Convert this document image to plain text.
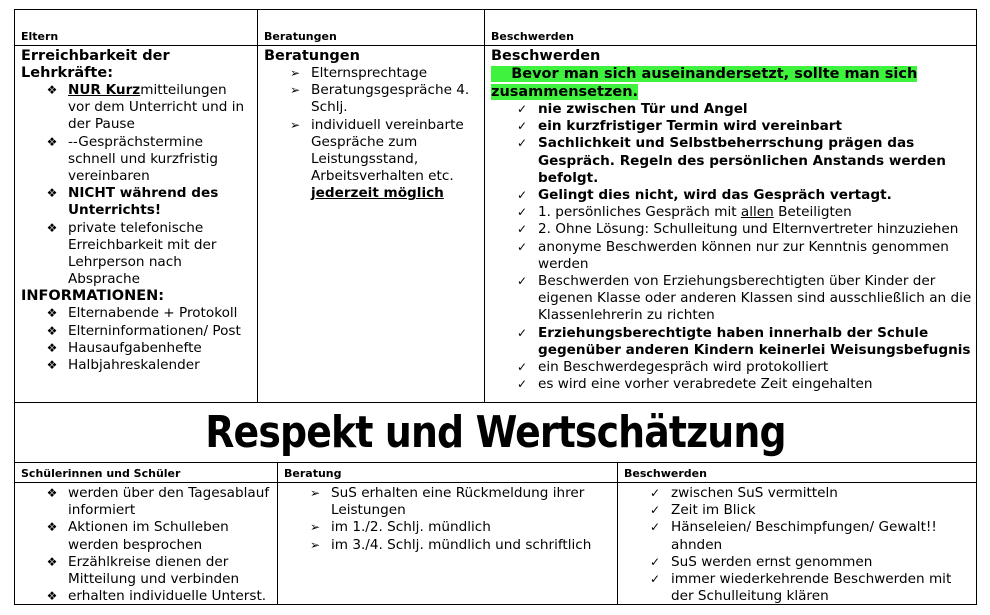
Eltern
Erreichbarkeit der Lehrkräfte:
❖ NUR Kurzmitteilungen vor dem Unterricht und in der Pause
❖ --Gesprächstermine schnell und kurzfristig vereinbaren
❖ NICHT während des Unterrichts!
❖ private telefonische Erreichbarkeit mit der Lehrperson nach Absprache
INFORMATIONEN:
❖ Elternabende + Protokoll
❖ Elterninformationen/ Post
❖ Hausaufgabenhefte
❖ Halbjahreskalender
Beratungen
Beratungen
➢ Elternsprechtage
➢ Beratungsgespräche 4. Schlj.
➢ individuell vereinbarte Gespräche zum Leistungsstand, Arbeitsverhalten etc.
jederzeit möglich
Beschwerden
Beschwerden
Bevor man sich auseinandersetzt, sollte man sich zusammensetzen.
✓ nie zwischen Tür und Angel
✓ ein kurzfristiger Termin wird vereinbart
✓ Sachlichkeit und Selbstbeherrschung prägen das Gespräch. Regeln des persönlichen Anstands werden befolgt.
✓ Gelingt dies nicht, wird das Gespräch vertagt.
✓ 1. persönliches Gespräch mit allen Beteiligten
✓ 2. Ohne Lösung: Schulleitung und Elternvertreter hinzuziehen
✓ anonyme Beschwerden können nur zur Kenntnis genommen werden
✓ Beschwerden von Erziehungsberechtigten über Kinder der eigenen Klasse oder anderen Klassen sind ausschließlich an die Klassenlehrerin zu richten
✓ Erziehungsberechtigte haben innerhalb der Schule gegenüber anderen Kindern keinerlei Weisungsbefugnis
✓ ein Beschwerdegespräch wird protokolliert
✓ es wird eine vorher verabredete Zeit eingehalten
Respekt und Wertschätzung
Schülerinnen und Schüler
❖ werden über den Tagesablauf informiert
❖ Aktionen im Schulleben werden besprochen
❖ Erzählkreise dienen der Mitteilung und verbinden
❖ erhalten individuelle Unterst.
Beratung
➢ SuS erhalten eine Rückmeldung ihrer Leistungen
➢ im 1./2. Schlj. mündlich
➢ im 3./4. Schlj. mündlich und schriftlich
Beschwerden
✓ zwischen SuS vermitteln
✓ Zeit im Blick
✓ Hänseleien/ Beschimpfungen/ Gewalt!! ahnden
✓ SuS werden ernst genommen
✓ immer wiederkehrende Beschwerden mit der Schulleitung klären
